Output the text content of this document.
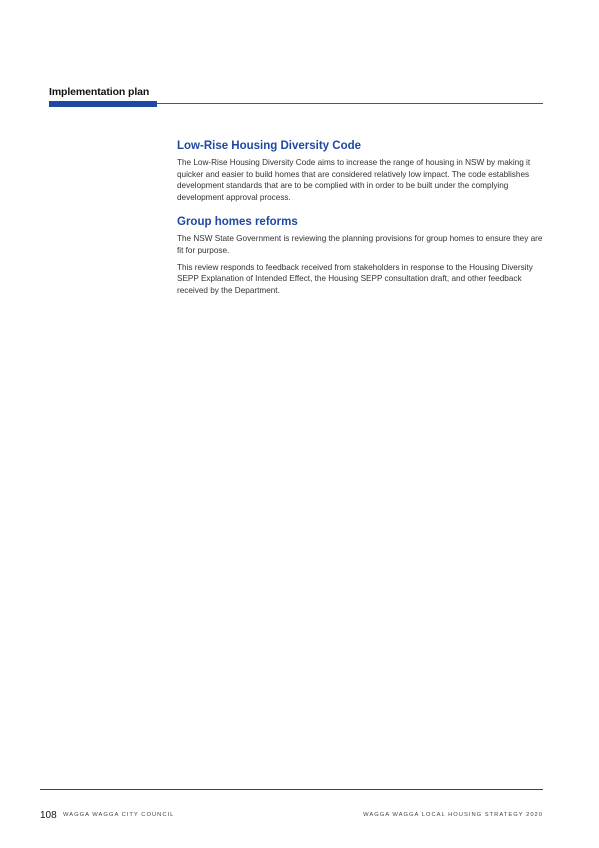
Implementation plan
Low-Rise Housing Diversity Code

The Low-Rise Housing Diversity Code aims to increase the range of housing in NSW by making it quicker and easier to build homes that are considered relatively low impact. The code establishes development standards that are to be complied with in order to be built under the complying development approval process.

Group homes reforms

The NSW State Government is reviewing the planning provisions for group homes to ensure they are fit for purpose.

This review responds to feedback received from stakeholders in response to the Housing Diversity SEPP Explanation of Intended Effect, the Housing SEPP consultation draft, and other feedback received by the Department.

108 WAGGA WAGGA CITY COUNCIL	WAGGA WAGGA LOCAL HOUSING STRATEGY 2020
